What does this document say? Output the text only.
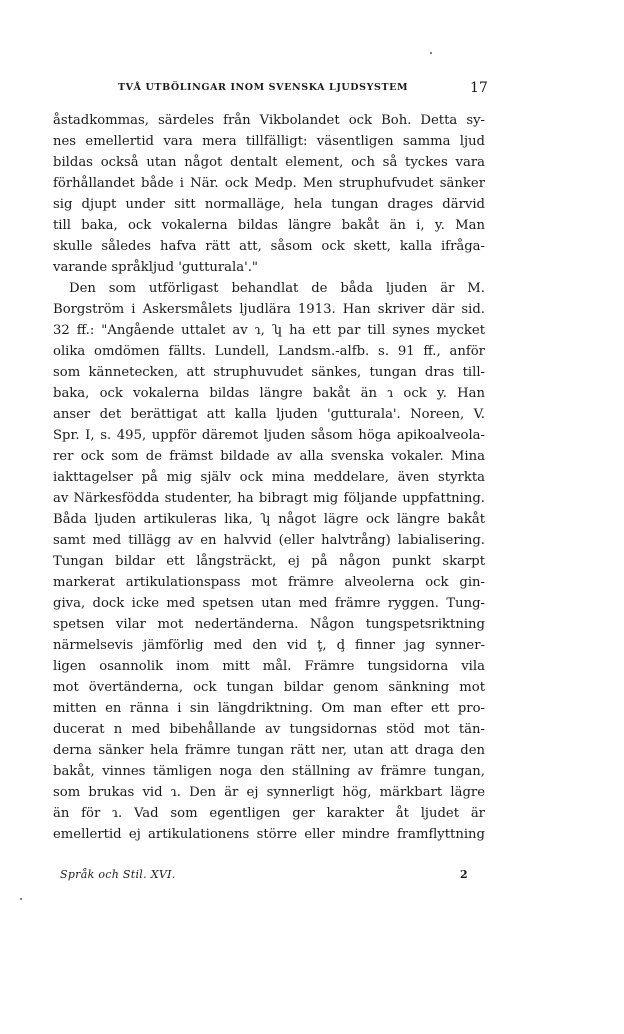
TVÅ UTBÖLINGAR INOM SVENSKA LJUDSYSTEM	17
åstadkommas, särdeles från Vikbolandet ock Boh. Detta sy-
nes emellertid vara mera tillfälligt: väsentligen samma ljud
bildas också utan något dentalt element, och så tyckes vara
förhållandet både i När. ock Medp. Men struphufvudet sänker
sig djupt under sitt normalläge, hela tungan drages därvid
till baka, ock vokalerna bildas längre bakåt än i, y. Man
skulle således hafva rätt att, såsom ock skett, kalla ifråga-
varande språkljud 'gutturala'."
Den som utförligast behandlat de båda ljuden är M.
Borgström i Askersmålets ljudlära 1913. Han skriver där sid.
32 ff.: "Angående uttalet av ɿ, ʮ ha ett par till synes mycket
olika omdömen fällts. Lundell, Landsm.-alfb. s. 91 ff., anför
som kännetecken, att struphuvudet sänkes, tungan dras till-
baka, ock vokalerna bildas längre bakåt än ɿ ock y. Han
anser det berättigat att kalla ljuden 'gutturala'. Noreen, V.
Spr. I, s. 495, uppför däremot ljuden såsom höga apikoalveola-
rer ock som de främst bildade av alla svenska vokaler. Mina
iakttagelser på mig själv ock mina meddelare, även styrkta
av Närkesfödda studenter, ha bibragt mig följande uppfattning.
Båda ljuden artikuleras lika, ʮ något lägre ock längre bakåt
samt med tillägg av en halvvid (eller halvtrång) labialisering.
Tungan bildar ett långsträckt, ej på någon punkt skarpt
markerat artikulationspass mot främre alveolerna ock gin-
giva, dock icke med spetsen utan med främre ryggen. Tung-
spetsen vilar mot nedertänderna. Någon tungspetsriktning
närmelsevis jämförlig med den vid ţ, ḑ finner jag synner-
ligen osannolik inom mitt mål. Främre tungsidorna vila
mot övertänderna, ock tungan bildar genom sänkning mot
mitten en ränna i sin längdriktning. Om man efter ett pro-
ducerat n med bibehållande av tungsidornas stöd mot tän-
derna sänker hela främre tungan rätt ner, utan att draga den
bakåt, vinnes tämligen noga den ställning av främre tungan,
som brukas vid ɿ. Den är ej synnerligt hög, märkbart lägre
än för ɿ. Vad som egentligen ger karakter åt ljudet är
emellertid ej artikulationens större eller mindre framflyttning
Språk och Stil. XVI.	2
